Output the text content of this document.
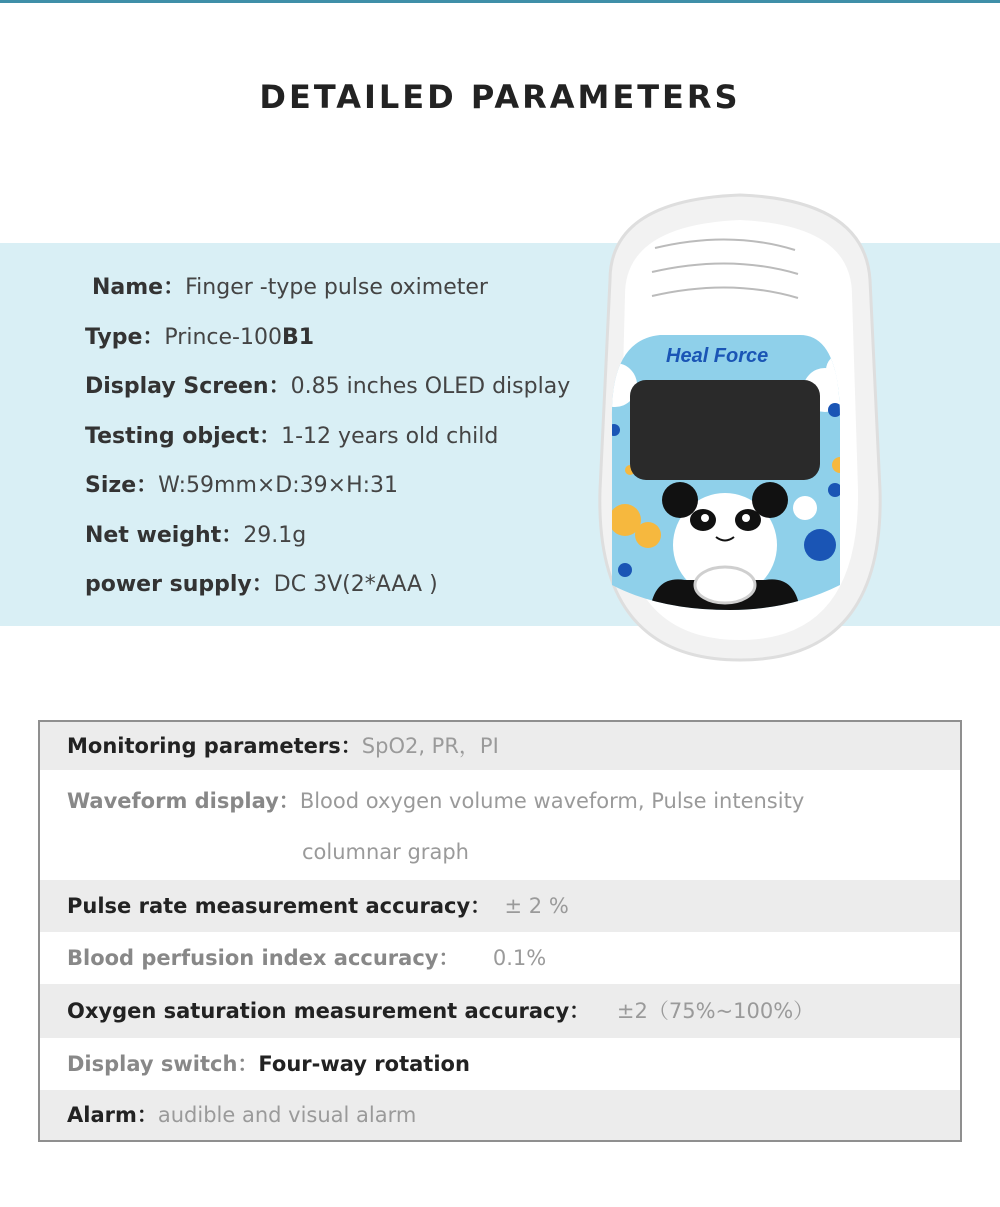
DETAILED PARAMETERS
Name：Finger -type pulse oximeter
Type：Prince-100B1
Display Screen：0.85 inches OLED display
Testing object：1-12 years old child
Size：W:59mm×D:39×H:31
Net weight：29.1g
power supply：DC 3V(2*AAA )
Heal Force
Monitoring parameters：SpO2, PR，PI
Waveform display：Blood oxygen volume waveform, Pulse intensity
columnar graph
Pulse rate measurement accuracy： ± 2 %
Blood perfusion index accuracy： 0.1%
Oxygen saturation measurement accuracy： ±2（75%~100%）
Display switch：Four-way rotation
Alarm：audible and visual alarm
